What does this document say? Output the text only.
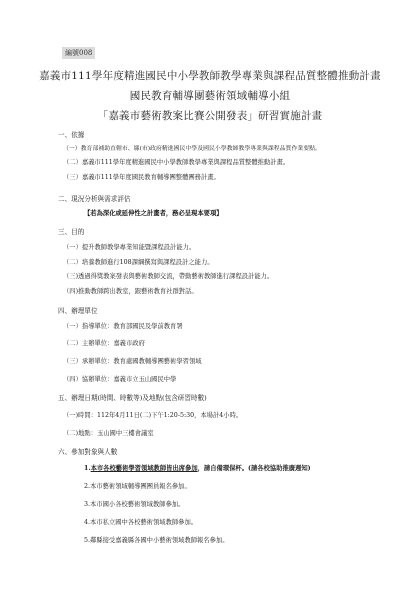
編號008
嘉義市111學年度精進國民中小學教師教學專業與課程品質整體推動計畫
國民教育輔導團藝術領域輔導小組
「嘉義市藝術教案比賽公開發表」研習實施計畫
一、依據
（一）教育部補助直轄市、縣(市)政府精進國民中學及國民小學教師教學專業與課程品質作業要點。
（二）嘉義市111學年度精進國民中小學教師教學專業與課程品質整體推動計畫。
（三）嘉義市111學年度國民教育輔導團整體團務計畫。
二、現況分析與需求評估
【若為深化或延伸性之計畫者，務必呈現本要項】
三、目的
（一）提升教師教學專業知能暨課程設計能力。
（二）培養教師進行108課綱撰寫與課程設計之能力。
（三)透過得獎教案發表與藝術教師交流，帶動藝術教師進行課程設計能力。
（四)推動教師跨出教室，跟藝術教育社群對話。
四、辦理單位
（一）指導單位：教育部國民及學前教育署
（二）主辦單位：嘉義市政府
（三）承辦單位：教育處國教輔導團藝術學習領域
（四）協辦單位：嘉義市立玉山國民中學
五、辦理日期(時間、時數等)及地點(包含研習時數)
（一)時間：112年4月11日(二)下午1:20-5:30，本場計4小時。
（二)地點：玉山國中三樓會議室
六、參加對象與人數
1.本市各校藝術學習領域教師皆出席參加，請自備環保杯。(請各校協助推廣週知)
2.本市藝術領域輔導團團員報名參加。
3.本市國小各校藝術領域教師參加。
4.本市私立國中各校藝術領域教師參加。
5.鄰縣接受嘉義縣各國中小藝術領域教師報名參加。
